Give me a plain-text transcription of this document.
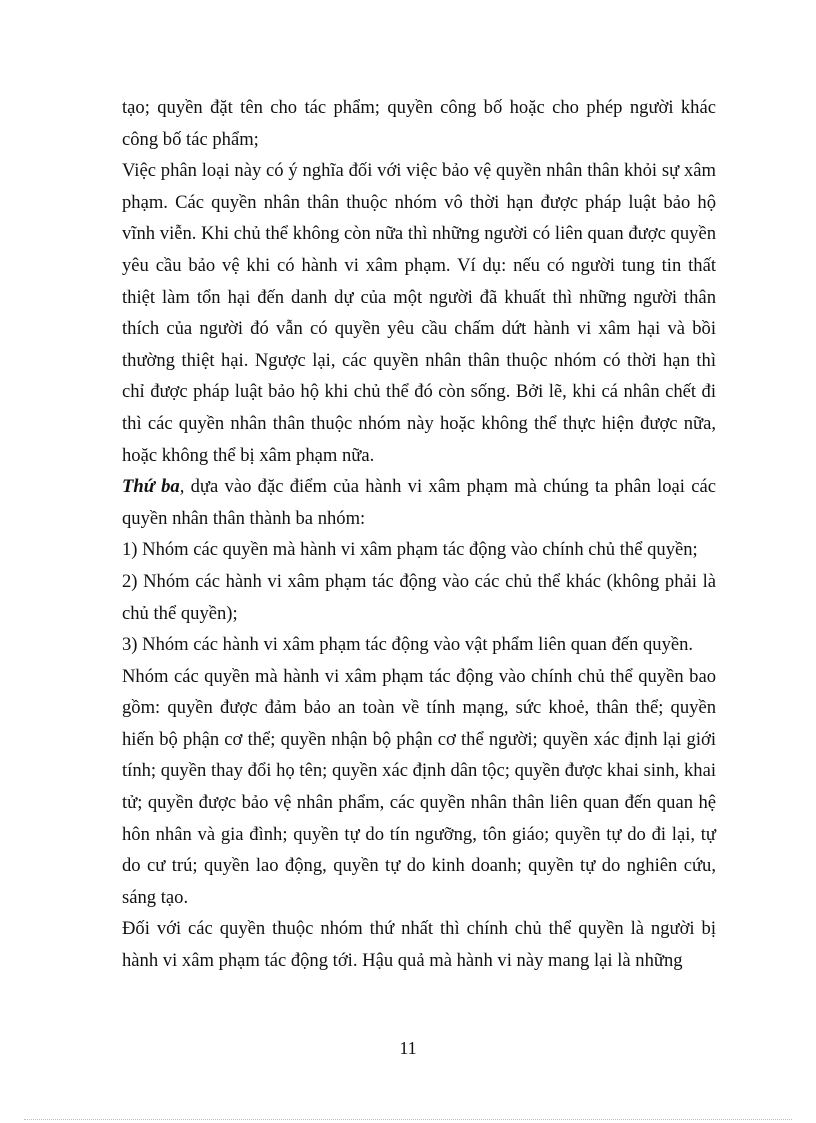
tạo; quyền đặt tên cho tác phẩm; quyền công bố hoặc cho phép người khác công bố tác phẩm;

Việc phân loại này có ý nghĩa đối với việc bảo vệ quyền nhân thân khỏi sự xâm phạm. Các quyền nhân thân thuộc nhóm vô thời hạn được pháp luật bảo hộ vĩnh viễn. Khi chủ thể không còn nữa thì những người có liên quan được quyền yêu cầu bảo vệ khi có hành vi xâm phạm. Ví dụ: nếu có người tung tin thất thiệt làm tổn hại đến danh dự của một người đã khuất thì những người thân thích của người đó vẫn có quyền yêu cầu chấm dứt hành vi xâm hại và bồi thường thiệt hại. Ngược lại, các quyền nhân thân thuộc nhóm có thời hạn thì chỉ được pháp luật bảo hộ khi chủ thể đó còn sống. Bởi lẽ, khi cá nhân chết đi thì các quyền nhân thân thuộc nhóm này hoặc không thể thực hiện được nữa, hoặc không thể bị xâm phạm nữa.

Thứ ba, dựa vào đặc điểm của hành vi xâm phạm mà chúng ta phân loại các quyền nhân thân thành ba nhóm:

1) Nhóm các quyền mà hành vi xâm phạm tác động vào chính chủ thể quyền;

2) Nhóm các hành vi xâm phạm tác động vào các chủ thể khác (không phải là chủ thể quyền);

3) Nhóm các hành vi xâm phạm tác động vào vật phẩm liên quan đến quyền.

Nhóm các quyền mà hành vi xâm phạm tác động vào chính chủ thể quyền bao gồm: quyền được đảm bảo an toàn về tính mạng, sức khoẻ, thân thể; quyền hiến bộ phận cơ thể; quyền nhận bộ phận cơ thể người; quyền xác định lại giới tính; quyền thay đổi họ tên; quyền xác định dân tộc; quyền được khai sinh, khai tử; quyền được bảo vệ nhân phẩm, các quyền nhân thân liên quan đến quan hệ hôn nhân và gia đình; quyền tự do tín ngưỡng, tôn giáo; quyền tự do đi lại, tự do cư trú; quyền lao động, quyền tự do kinh doanh; quyền tự do nghiên cứu, sáng tạo.

Đối với các quyền thuộc nhóm thứ nhất thì chính chủ thể quyền là người bị hành vi xâm phạm tác động tới. Hậu quả mà hành vi này mang lại là những

11
